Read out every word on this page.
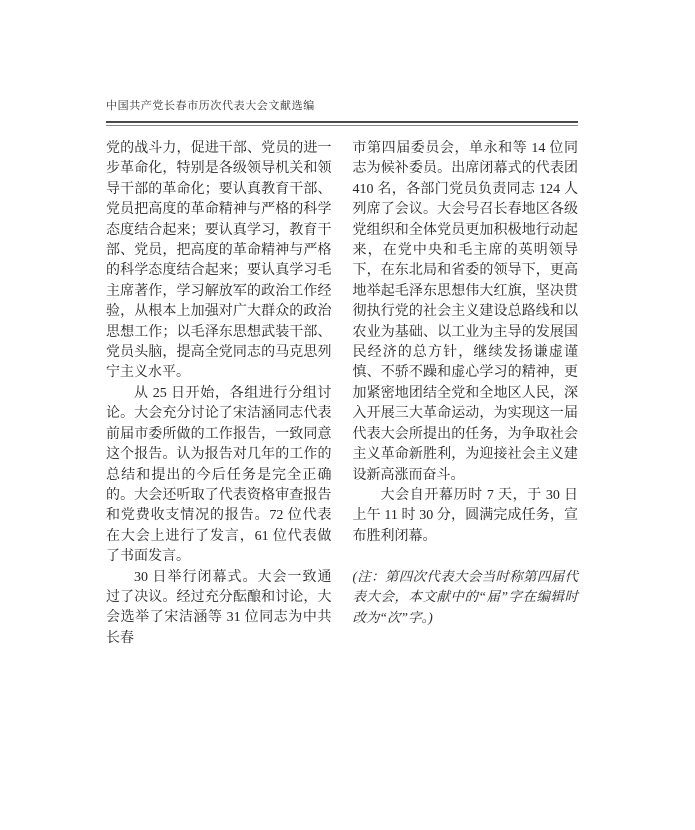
中国共产党长春市历次代表大会文献选编

党的战斗力，促进干部、党员的进一步革命化，特别是各级领导机关和领导干部的革命化；要认真教育干部、党员把高度的革命精神与严格的科学态度结合起来；要认真学习，教育干部、党员，把高度的革命精神与严格的科学态度结合起来；要认真学习毛主席著作，学习解放军的政治工作经验，从根本上加强对广大群众的政治思想工作；以毛泽东思想武装干部、党员头脑，提高全党同志的马克思列宁主义水平。

从 25 日开始，各组进行分组讨论。大会充分讨论了宋洁涵同志代表前届市委所做的工作报告，一致同意这个报告。认为报告对几年的工作的总结和提出的今后任务是完全正确的。大会还听取了代表资格审查报告和党费收支情况的报告。72 位代表在大会上进行了发言，61 位代表做了书面发言。

30 日举行闭幕式。大会一致通过了决议。经过充分酝酿和讨论，大会选举了宋洁涵等 31 位同志为中共长春

市第四届委员会，单永和等 14 位同志为候补委员。出席闭幕式的代表团 410 名，各部门党员负责同志 124 人列席了会议。大会号召长春地区各级党组织和全体党员更加积极地行动起来，在党中央和毛主席的英明领导下，在东北局和省委的领导下，更高地举起毛泽东思想伟大红旗，坚决贯彻执行党的社会主义建设总路线和以农业为基础、以工业为主导的发展国民经济的总方针，继续发扬谦虚谨慎、不骄不躁和虚心学习的精神，更加紧密地团结全党和全地区人民，深入开展三大革命运动，为实现这一届代表大会所提出的任务，为争取社会主义革命新胜利，为迎接社会主义建设新高涨而奋斗。

大会自开幕历时 7 天，于 30 日上午 11 时 30 分，圆满完成任务，宣布胜利闭幕。

(注：第四次代表大会当时称第四届代表大会，本文献中的“届”字在编辑时改为“次”字。)
